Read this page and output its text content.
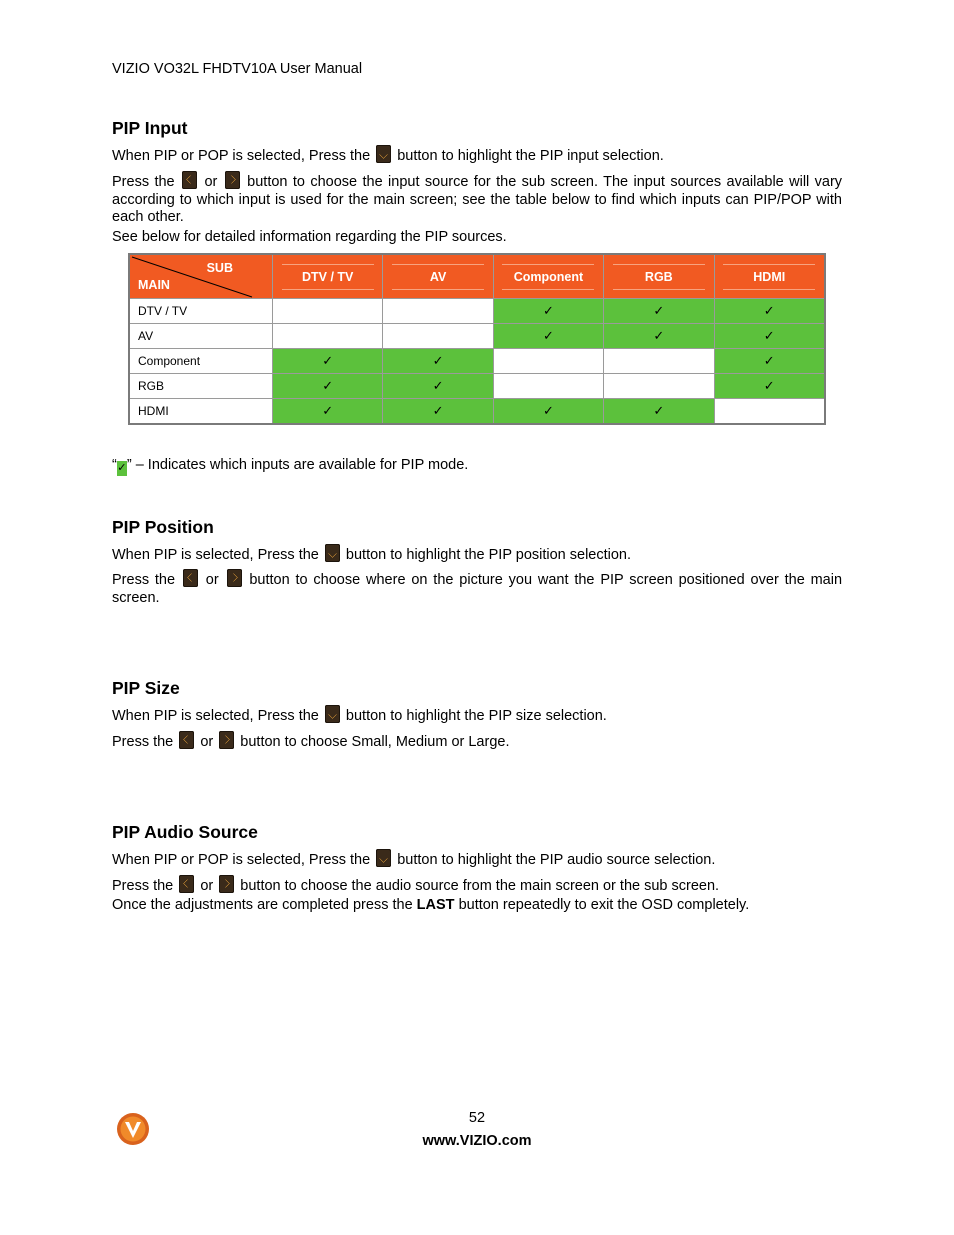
VIZIO VO32L FHDTV10A User Manual
PIP Input
When PIP or POP is selected, Press the button to highlight the PIP input selection.
Press the or button to choose the input source for the sub screen. The input sources available will vary according to which input is used for the main screen; see the table below to find which inputs can PIP/POP with each other.
See below for detailed information regarding the PIP sources.
SUB
MAIN	DTV / TV	AV	Component	RGB	HDMI
DTV / TV			✓	✓	✓
AV			✓	✓	✓
Component	✓	✓			✓
RGB	✓	✓			✓
HDMI	✓	✓	✓	✓	
“✓” – Indicates which inputs are available for PIP mode.
PIP Position
When PIP is selected, Press the button to highlight the PIP position selection.
Press the or button to choose where on the picture you want the PIP screen positioned over the main screen.
PIP Size
When PIP is selected, Press the button to highlight the PIP size selection.
Press the or button to choose Small, Medium or Large.
PIP Audio Source
When PIP or POP is selected, Press the button to highlight the PIP audio source selection.
Press the or button to choose the audio source from the main screen or the sub screen.
Once the adjustments are completed press the LAST button repeatedly to exit the OSD completely.
52
www.VIZIO.com
